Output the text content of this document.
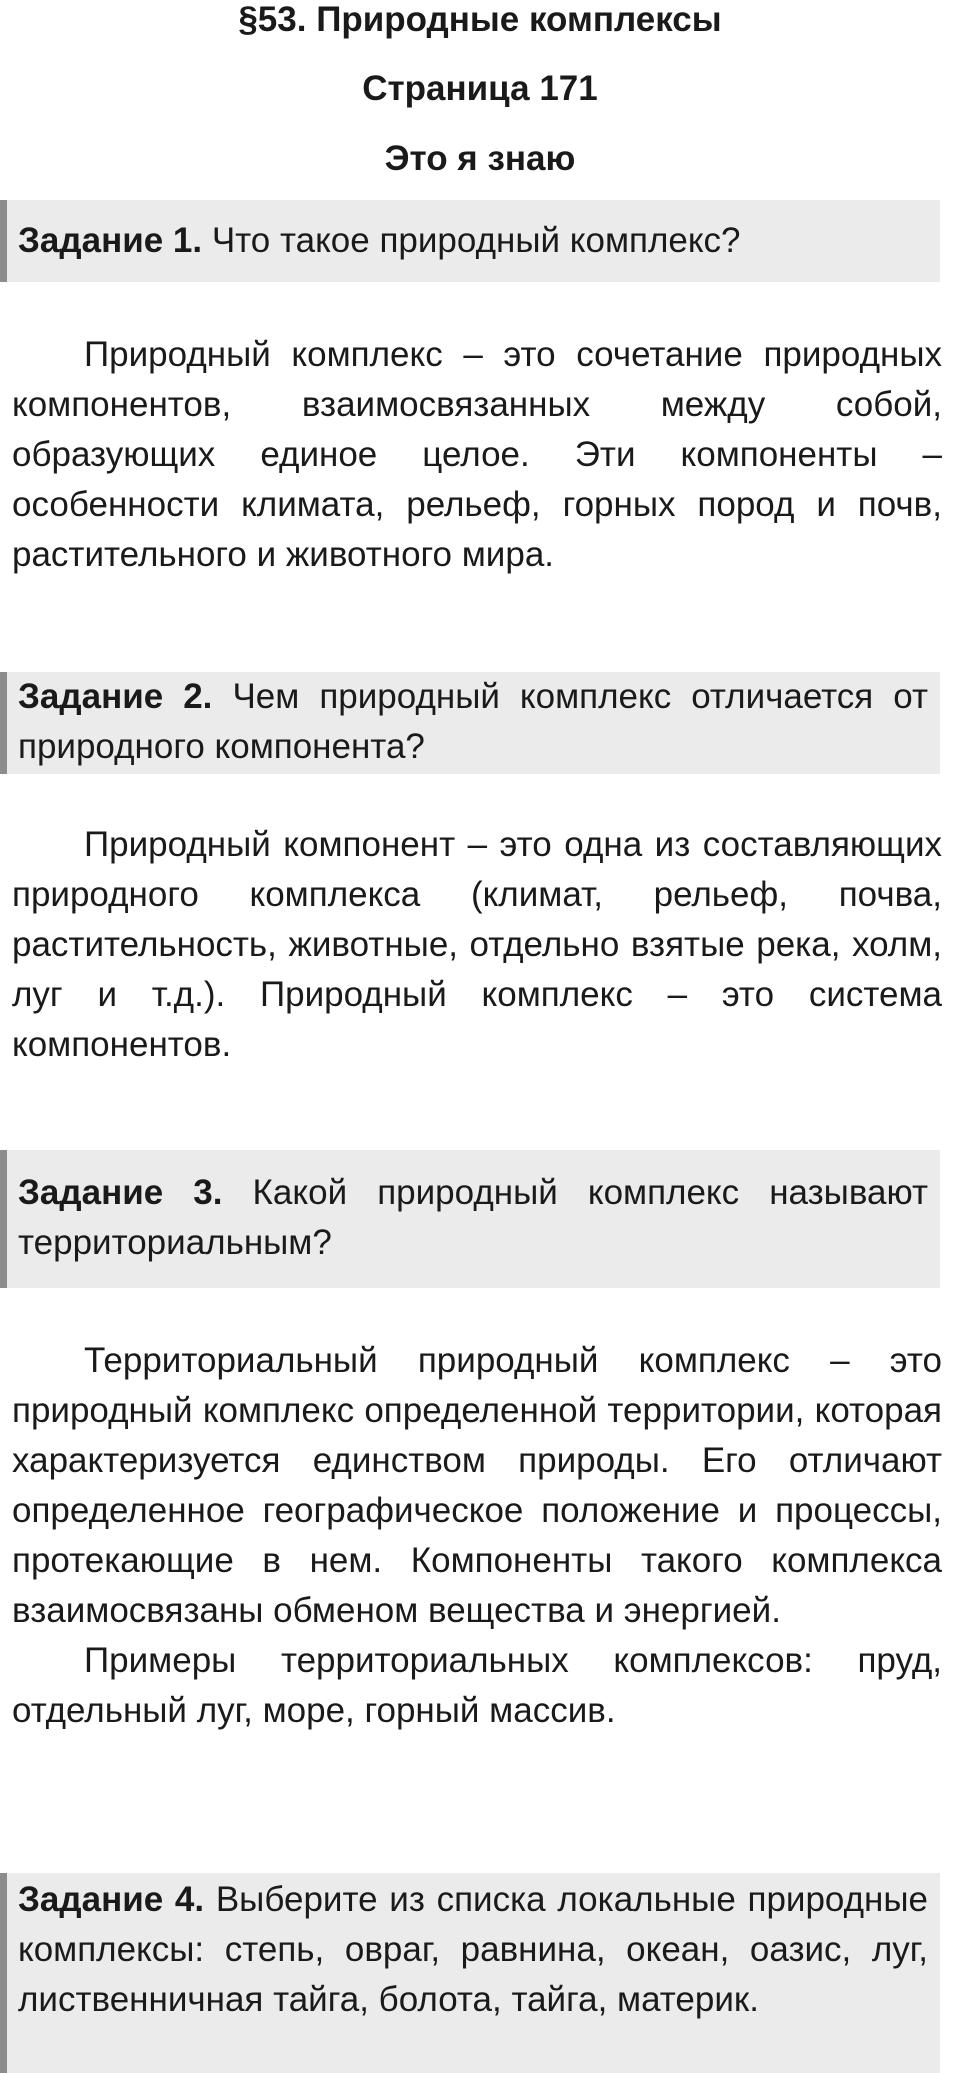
§53. Природные комплексы
Страница 171
Это я знаю
Задание 1. Что такое природный комплекс?

Природный комплекс – это сочетание природных компонентов, взаимосвязанных между собой, образующих единое целое. Эти компоненты – особенности климата, рельеф, горных пород и почв, растительного и животного мира.

Задание 2. Чем природный комплекс отличается от природного компонента?

Природный компонент – это одна из составляющих природного комплекса (климат, рельеф, почва, растительность, животные, отдельно взятые река, холм, луг и т.д.). Природный комплекс – это система компонентов.

Задание 3. Какой природный комплекс называют территориальным?

Территориальный природный комплекс – это природный комплекс определенной территории, которая характеризуется единством природы. Его отличают определенное географическое положение и процессы, протекающие в нем. Компоненты такого комплекса взаимосвязаны обменом вещества и энергией.

Примеры территориальных комплексов: пруд, отдельный луг, море, горный массив.

Задание 4. Выберите из списка локальные природные комплексы: степь, овраг, равнина, океан, оазис, луг, лиственничная тайга, болота, тайга, материк.
